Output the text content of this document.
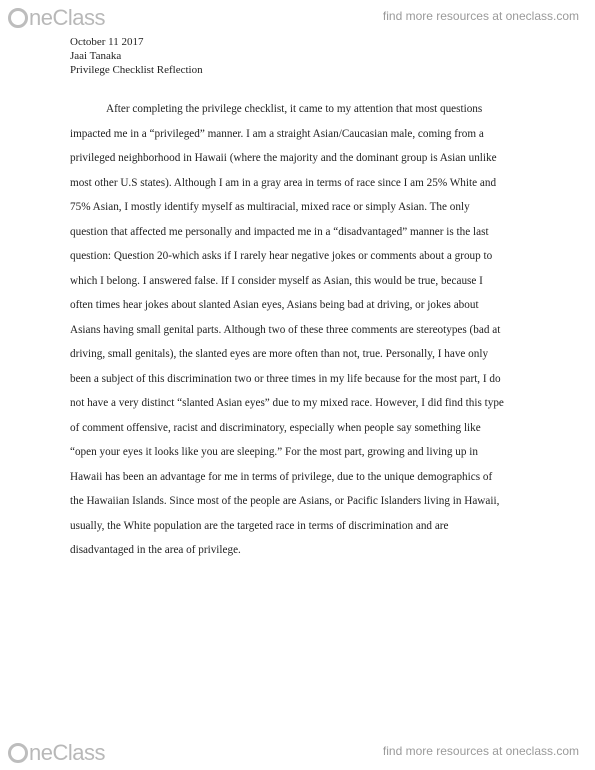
neClass	find more resources at oneclass.com
October 11 2017
Jaai Tanaka
Privilege Checklist Reflection
After completing the privilege checklist, it came to my attention that most questions
impacted me in a “privileged” manner. I am a straight Asian/Caucasian male, coming from a
privileged neighborhood in Hawaii (where the majority and the dominant group is Asian unlike
most other U.S states). Although I am in a gray area in terms of race since I am 25% White and
75% Asian, I mostly identify myself as multiracial, mixed race or simply Asian. The only
question that affected me personally and impacted me in a “disadvantaged” manner is the last
question: Question 20-which asks if I rarely hear negative jokes or comments about a group to
which I belong. I answered false. If I consider myself as Asian, this would be true, because I
often times hear jokes about slanted Asian eyes, Asians being bad at driving, or jokes about
Asians having small genital parts. Although two of these three comments are stereotypes (bad at
driving, small genitals), the slanted eyes are more often than not, true. Personally, I have only
been a subject of this discrimination two or three times in my life because for the most part, I do
not have a very distinct “slanted Asian eyes” due to my mixed race. However, I did find this type
of comment offensive, racist and discriminatory, especially when people say something like
“open your eyes it looks like you are sleeping.” For the most part, growing and living up in
Hawaii has been an advantage for me in terms of privilege, due to the unique demographics of
the Hawaiian Islands. Since most of the people are Asians, or Pacific Islanders living in Hawaii,
usually, the White population are the targeted race in terms of discrimination and are
disadvantaged in the area of privilege.
neClass	find more resources at oneclass.com
